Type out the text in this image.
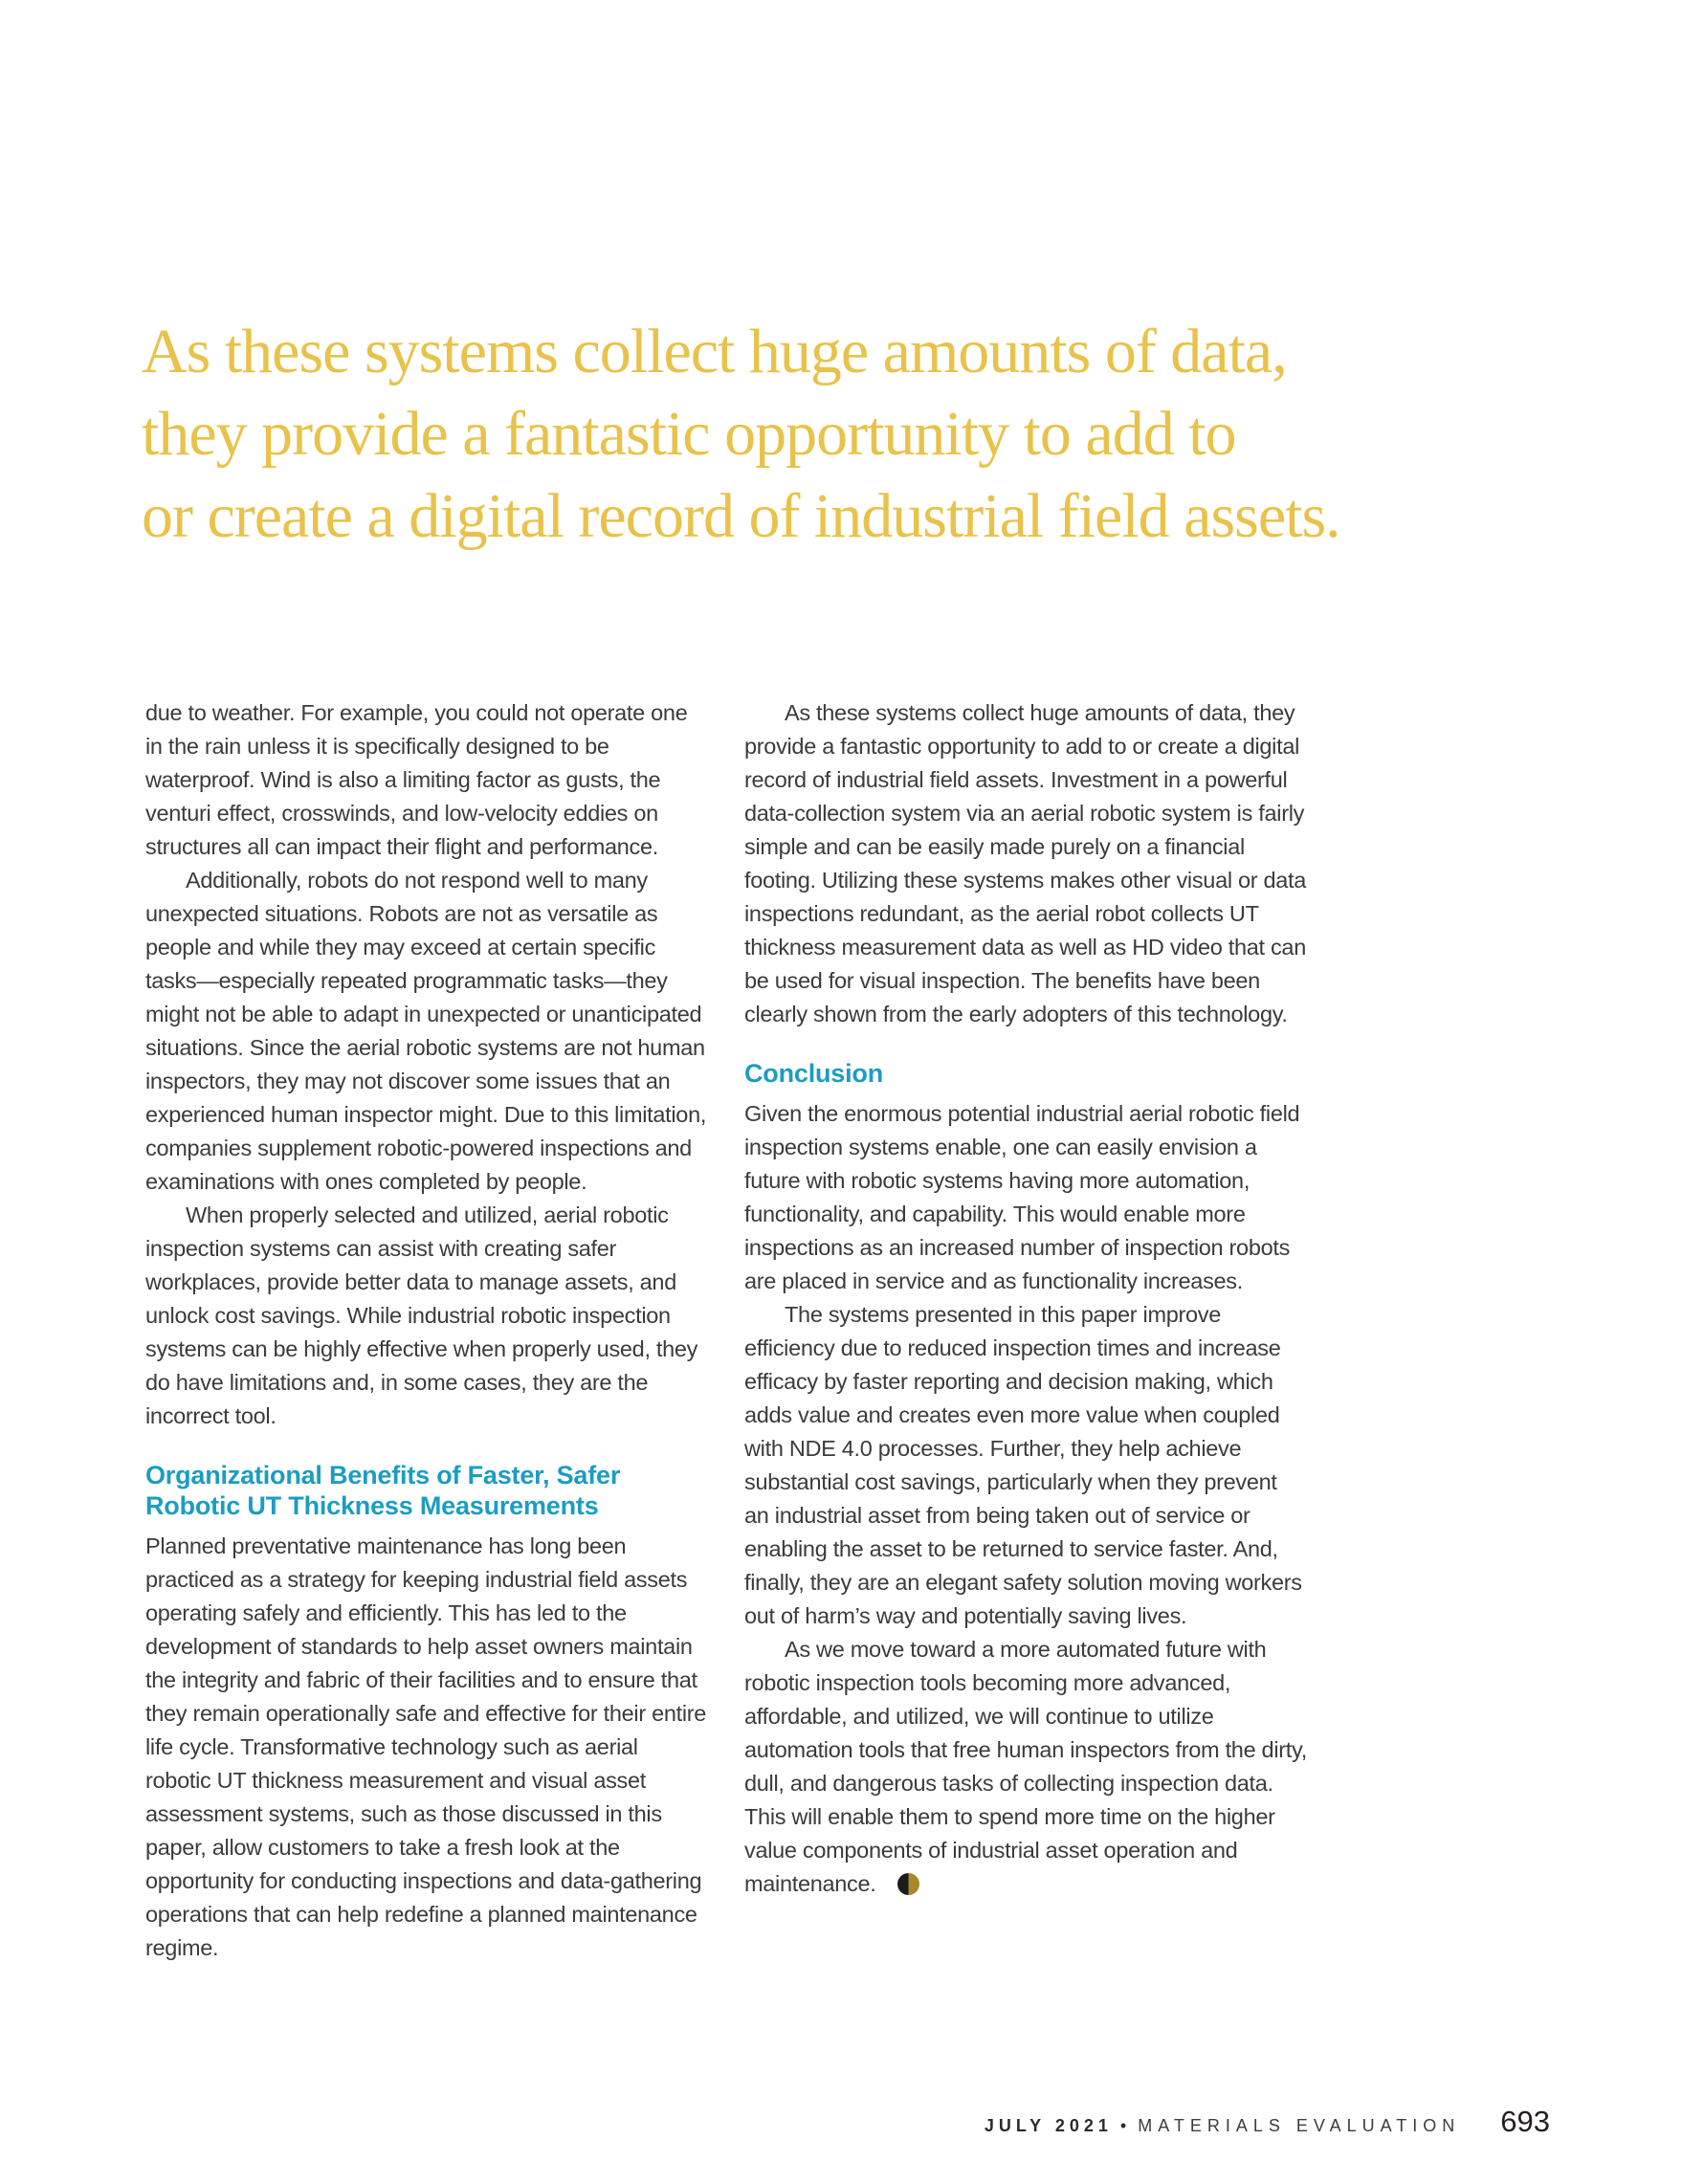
As these systems collect huge amounts of data,
they provide a fantastic opportunity to add to
or create a digital record of industrial field assets.

due to weather. For example, you could not operate one in the rain unless it is specifically designed to be waterproof. Wind is also a limiting factor as gusts, the venturi effect, crosswinds, and low-velocity eddies on structures all can impact their flight and performance.

Additionally, robots do not respond well to many unexpected situations. Robots are not as versatile as people and while they may exceed at certain specific tasks—especially repeated programmatic tasks—they might not be able to adapt in unexpected or unanticipated situations. Since the aerial robotic systems are not human inspectors, they may not discover some issues that an experienced human inspector might. Due to this limitation, companies supplement robotic-powered inspections and examinations with ones completed by people.

When properly selected and utilized, aerial robotic inspection systems can assist with creating safer workplaces, provide better data to manage assets, and unlock cost savings. While industrial robotic inspection systems can be highly effective when properly used, they do have limitations and, in some cases, they are the incorrect tool.

Organizational Benefits of Faster, Safer
Robotic UT Thickness Measurements

Planned preventative maintenance has long been practiced as a strategy for keeping industrial field assets operating safely and efficiently. This has led to the development of standards to help asset owners maintain the integrity and fabric of their facilities and to ensure that they remain operationally safe and effective for their entire life cycle. Transformative technology such as aerial robotic UT thickness measurement and visual asset assessment systems, such as those discussed in this paper, allow customers to take a fresh look at the opportunity for conducting inspections and data-gathering operations that can help redefine a planned maintenance regime.

As these systems collect huge amounts of data, they provide a fantastic opportunity to add to or create a digital record of industrial field assets. Investment in a powerful data-collection system via an aerial robotic system is fairly simple and can be easily made purely on a financial footing. Utilizing these systems makes other visual or data inspections redundant, as the aerial robot collects UT thickness measurement data as well as HD video that can be used for visual inspection. The benefits have been clearly shown from the early adopters of this technology.

Conclusion

Given the enormous potential industrial aerial robotic field inspection systems enable, one can easily envision a future with robotic systems having more automation, functionality, and capability. This would enable more inspections as an increased number of inspection robots are placed in service and as functionality increases.

The systems presented in this paper improve efficiency due to reduced inspection times and increase efficacy by faster reporting and decision making, which adds value and creates even more value when coupled with NDE 4.0 processes. Further, they help achieve substantial cost savings, particularly when they prevent an industrial asset from being taken out of service or enabling the asset to be returned to service faster. And, finally, they are an elegant safety solution moving workers out of harm’s way and potentially saving lives.

As we move toward a more automated future with robotic inspection tools becoming more advanced, affordable, and utilized, we will continue to utilize automation tools that free human inspectors from the dirty, dull, and dangerous tasks of collecting inspection data. This will enable them to spend more time on the higher value components of industrial asset operation and maintenance.

JULY 2021 • MATERIALS EVALUATION 693
